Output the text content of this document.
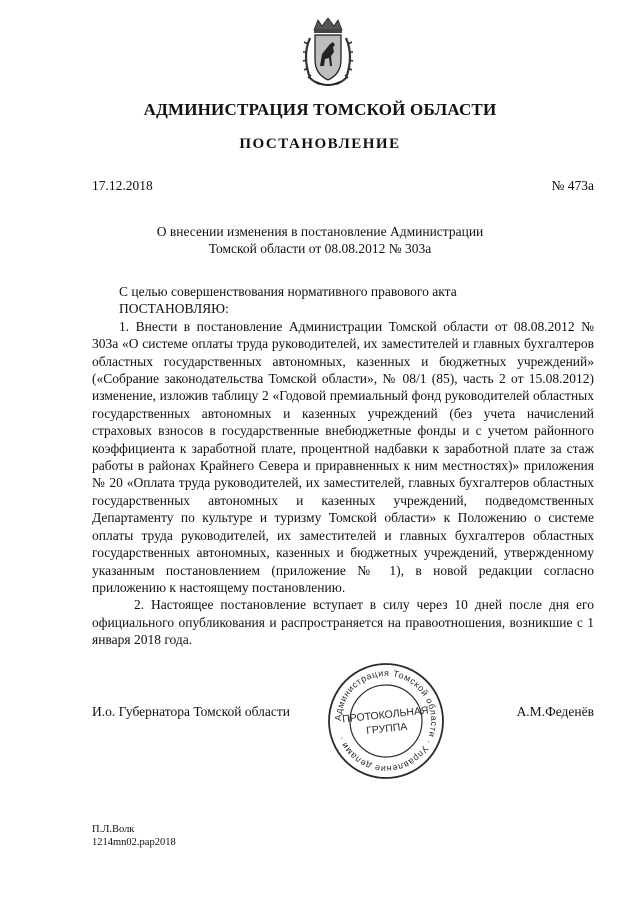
АДМИНИСТРАЦИЯ ТОМСКОЙ ОБЛАСТИ
ПОСТАНОВЛЕНИЕ
17.12.2018	№ 473а
О внесении изменения в постановление Администрации
Томской области от 08.08.2012 № 303а

С целью совершенствования нормативного правового акта

ПОСТАНОВЛЯЮ:

1. Внести в постановление Администрации Томской области от 08.08.2012 № 303а «О системе оплаты труда руководителей, их заместителей и главных бухгалтеров областных государственных автономных, казенных и бюджетных учреждений» («Собрание законодательства Томской области», № 08/1 (85), часть 2 от 15.08.2012) изменение, изложив таблицу 2 «Годовой премиальный фонд руководителей областных государственных автономных и казенных учреждений (без учета начислений страховых взносов в государственные внебюджетные фонды и с учетом районного коэффициента к заработной плате, процентной надбавки к заработной плате за стаж работы в районах Крайнего Севера и приравненных к ним местностях)» приложения № 20 «Оплата труда руководителей, их заместителей, главных бухгалтеров областных государственных автономных и казенных учреждений, подведомственных Департаменту по культуре и туризму Томской области» к Положению о системе оплаты труда руководителей, их заместителей и главных бухгалтеров областных государственных автономных, казенных и бюджетных учреждений, утвержденному указанным постановлением (приложение № 1), в новой редакции согласно приложению к настоящему постановлению.

2. Настоящее постановление вступает в силу через 10 дней после дня его официального опубликования и распространяется на правоотношения, возникшие с 1 января 2018 года.

И.о. Губернатора Томской области	А.М.Феденёв
Администрация Томской области · Управление делами ·
ПРОТОКОЛЬНАЯ
ГРУППА
П.Л.Волк
1214mn02.pap2018
